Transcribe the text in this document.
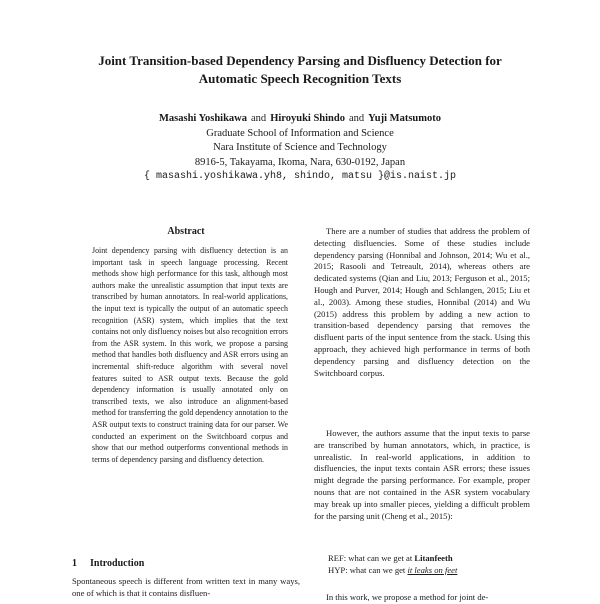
Joint Transition-based Dependency Parsing and Disfluency Detection for
Automatic Speech Recognition Texts
Masashi Yoshikawa and Hiroyuki Shindo and Yuji Matsumoto
Graduate School of Information and Science
Nara Institute of Science and Technology
8916-5, Takayama, Ikoma, Nara, 630-0192, Japan
{ masashi.yoshikawa.yh8, shindo, matsu }@is.naist.jp
Abstract

Joint dependency parsing with disfluency detection is an important task in speech language processing. Recent methods show high performance for this task, although most authors make the unrealistic assumption that input texts are transcribed by human annotators. In real-world applications, the input text is typically the output of an automatic speech recognition (ASR) system, which implies that the text contains not only disfluency noises but also recognition errors from the ASR system. In this work, we propose a parsing method that handles both disfluency and ASR errors using an incremental shift-reduce algorithm with several novel features suited to ASR output texts. Because the gold dependency information is usually annotated only on transcribed texts, we also introduce an alignment-based method for transferring the gold dependency annotation to the ASR output texts to construct training data for our parser. We conducted an experiment on the Switchboard corpus and show that our method outperforms conventional methods in terms of dependency parsing and disfluency detection.

1 Introduction

Spontaneous speech is different from written text in many ways, one of which is that it contains disfluen-

There are a number of studies that address the problem of detecting disfluencies. Some of these studies include dependency parsing (Honnibal and Johnson, 2014; Wu et al., 2015; Rasooli and Tetreault, 2014), whereas others are dedicated systems (Qian and Liu, 2013; Ferguson et al., 2015; Hough and Purver, 2014; Hough and Schlangen, 2015; Liu et al., 2003). Among these studies, Honnibal (2014) and Wu (2015) address this problem by adding a new action to transition-based dependency parsing that removes the disfluent parts of the input sentence from the stack. Using this approach, they achieved high performance in terms of both dependency parsing and disfluency detection on the Switchboard corpus.

However, the authors assume that the input texts to parse are transcribed by human annotators, which, in practice, is unrealistic. In real-world applications, in addition to disfluencies, the input texts contain ASR errors; these issues might degrade the parsing performance. For example, proper nouns that are not contained in the ASR system vocabulary may break up into smaller pieces, yielding a difficult problem for the parsing unit (Cheng et al., 2015):

REF: what can we get at Litanfeeth
HYP: what can we get it leaks on feet

In this work, we propose a method for joint de-
